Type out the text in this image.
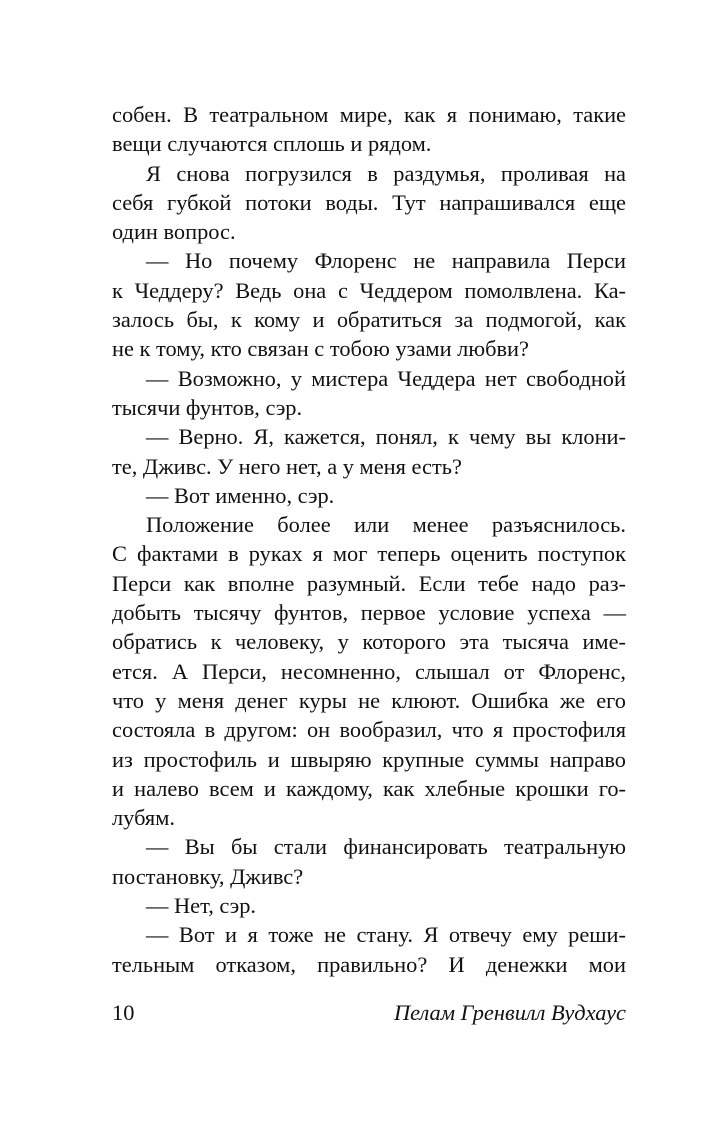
собен. В театральном мире, как я понимаю, такие
вещи случаются сплошь и рядом.
Я снова погрузился в раздумья, проливая на
себя губкой потоки воды. Тут напрашивался еще
один вопрос.
— Но почему Флоренс не направила Перси
к Чеддеру? Ведь она с Чеддером помолвлена. Ка-
залось бы, к кому и обратиться за подмогой, как
не к тому, кто связан с тобою узами любви?
— Возможно, у мистера Чеддера нет свободной
тысячи фунтов, сэр.
— Верно. Я, кажется, понял, к чему вы клони-
те, Дживс. У него нет, а у меня есть?
— Вот именно, сэр.
Положение более или менее разъяснилось.
С фактами в руках я мог теперь оценить поступок
Перси как вполне разумный. Если тебе надо раз-
добыть тысячу фунтов, первое условие успеха —
обратись к человеку, у которого эта тысяча име-
ется. А Перси, несомненно, слышал от Флоренс,
что у меня денег куры не клюют. Ошибка же его
состояла в другом: он вообразил, что я простофиля
из простофиль и швыряю крупные суммы направо
и налево всем и каждому, как хлебные крошки го-
лубям.
— Вы бы стали финансировать театральную
постановку, Дживс?
— Нет, сэр.
— Вот и я тоже не стану. Я отвечу ему реши-
тельным отказом, правильно? И денежки мои
10	Пелам Гренвилл Вудхаус
